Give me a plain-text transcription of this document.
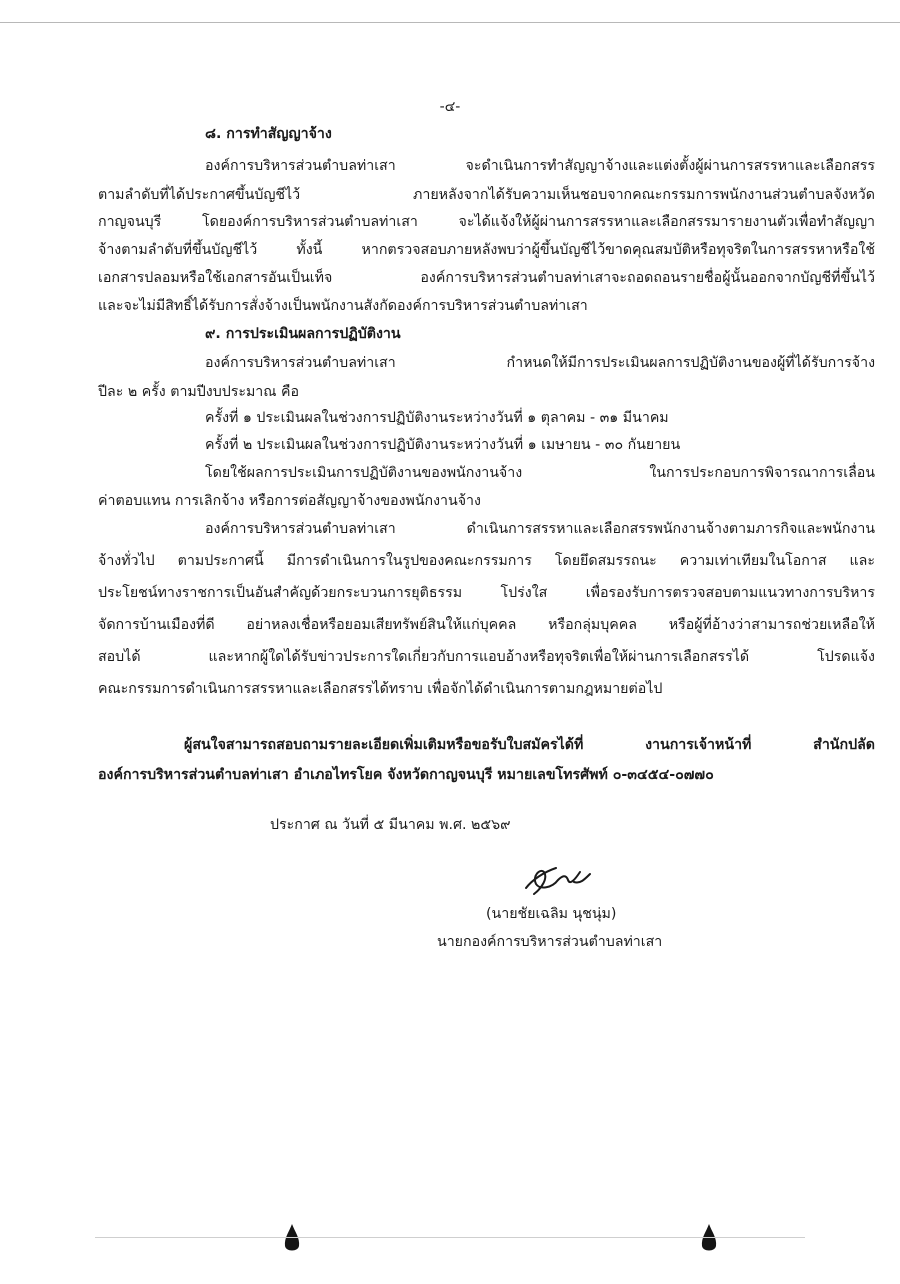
-๔-
๘. การทำสัญญาจ้าง
องค์การบริหารส่วนตำบลท่าเสา จะดำเนินการทำสัญญาจ้างและแต่งตั้งผู้ผ่านการสรรหาและเลือกสรร
ตามลำดับที่ได้ประกาศขึ้นบัญชีไว้ ภายหลังจากได้รับความเห็นชอบจากคณะกรรมการพนักงานส่วนตำบลจังหวัด
กาญจนบุรี โดยองค์การบริหารส่วนตำบลท่าเสา จะได้แจ้งให้ผู้ผ่านการสรรหาและเลือกสรรมารายงานตัวเพื่อทำสัญญา
จ้างตามลำดับที่ขึ้นบัญชีไว้ ทั้งนี้ หากตรวจสอบภายหลังพบว่าผู้ขึ้นบัญชีไว้ขาดคุณสมบัติหรือทุจริตในการสรรหาหรือใช้
เอกสารปลอมหรือใช้เอกสารอันเป็นเท็จ องค์การบริหารส่วนตำบลท่าเสาจะถอดถอนรายชื่อผู้นั้นออกจากบัญชีที่ขึ้นไว้
และจะไม่มีสิทธิ์ได้รับการสั่งจ้างเป็นพนักงานสังกัดองค์การบริหารส่วนตำบลท่าเสา
๙. การประเมินผลการปฏิบัติงาน
องค์การบริหารส่วนตำบลท่าเสา กำหนดให้มีการประเมินผลการปฏิบัติงานของผู้ที่ได้รับการจ้าง
ปีละ ๒ ครั้ง ตามปีงบประมาณ คือ
ครั้งที่ ๑ ประเมินผลในช่วงการปฏิบัติงานระหว่างวันที่ ๑ ตุลาคม - ๓๑ มีนาคม
ครั้งที่ ๒ ประเมินผลในช่วงการปฏิบัติงานระหว่างวันที่ ๑ เมษายน - ๓๐ กันยายน
โดยใช้ผลการประเมินการปฏิบัติงานของพนักงานจ้าง ในการประกอบการพิจารณาการเลื่อน
ค่าตอบแทน การเลิกจ้าง หรือการต่อสัญญาจ้างของพนักงานจ้าง
องค์การบริหารส่วนตำบลท่าเสา ดำเนินการสรรหาและเลือกสรรพนักงานจ้างตามภารกิจและพนักงาน
จ้างทั่วไป ตามประกาศนี้ มีการดำเนินการในรูปของคณะกรรมการ โดยยึดสมรรถนะ ความเท่าเทียมในโอกาส และ
ประโยชน์ทางราชการเป็นอันสำคัญด้วยกระบวนการยุติธรรม โปร่งใส เพื่อรองรับการตรวจสอบตามแนวทางการบริหาร
จัดการบ้านเมืองที่ดี อย่าหลงเชื่อหรือยอมเสียทรัพย์สินให้แก่บุคคล หรือกลุ่มบุคคล หรือผู้ที่อ้างว่าสามารถช่วยเหลือให้
สอบได้ และหากผู้ใดได้รับข่าวประการใดเกี่ยวกับการแอบอ้างหรือทุจริตเพื่อให้ผ่านการเลือกสรรได้ โปรดแจ้ง
คณะกรรมการดำเนินการสรรหาและเลือกสรรได้ทราบ เพื่อจักได้ดำเนินการตามกฎหมายต่อไป
ผู้สนใจสามารถสอบถามรายละเอียดเพิ่มเติมหรือขอรับใบสมัครได้ที่ งานการเจ้าหน้าที่ สำนักปลัด
องค์การบริหารส่วนตำบลท่าเสา อำเภอไทรโยค จังหวัดกาญจนบุรี หมายเลขโทรศัพท์ ๐-๓๔๕๔-๐๗๗๐
ประกาศ ณ วันที่ ๕ มีนาคม พ.ศ. ๒๕๖๙
(นายชัยเฉลิม นุชนุ่ม)
นายกองค์การบริหารส่วนตำบลท่าเสา
